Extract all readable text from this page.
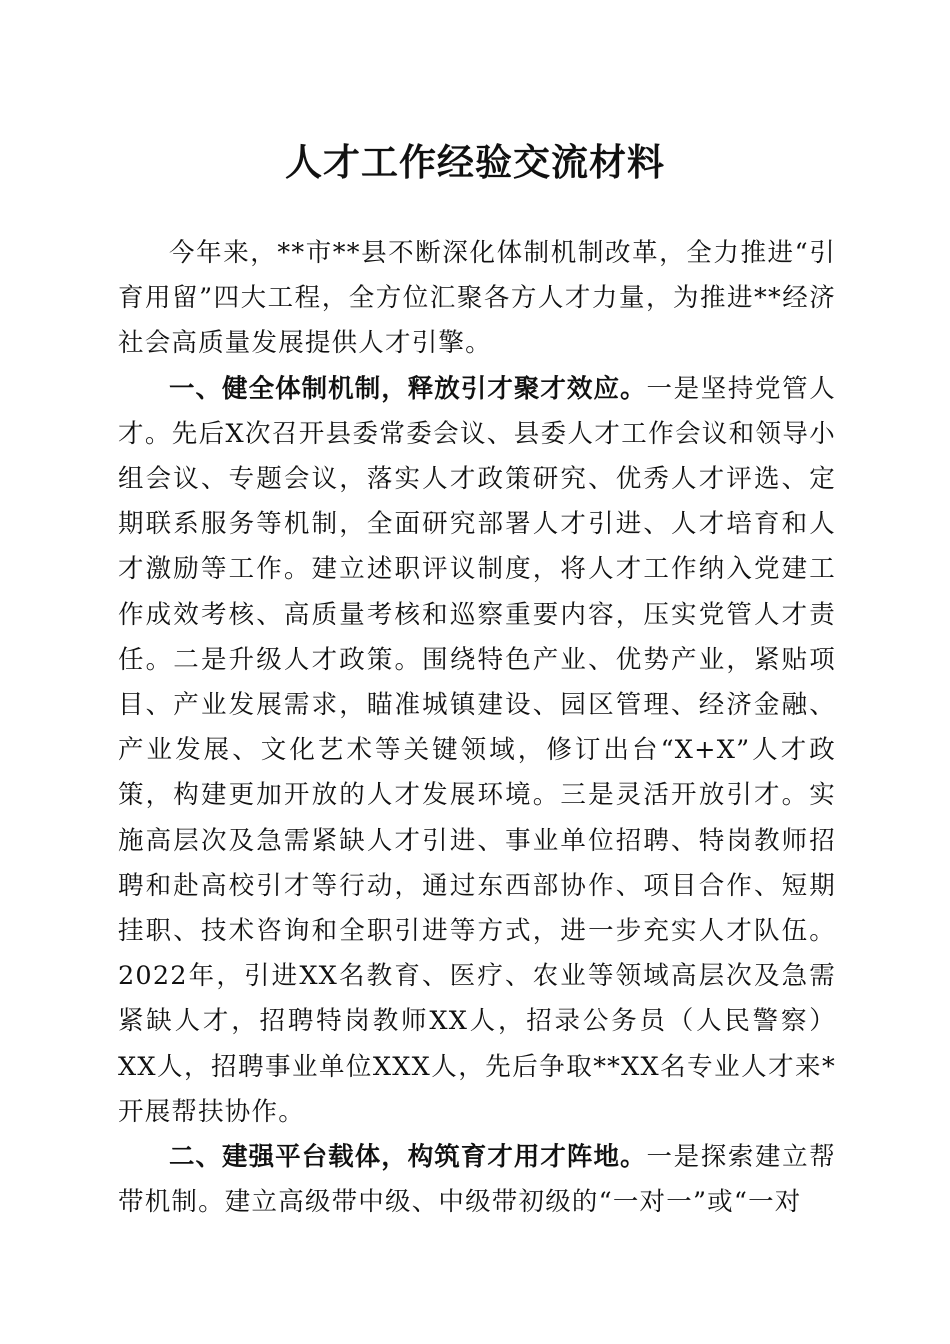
人才工作经验交流材料

今年来，**市**县不断深化体制机制改革，全力推进“引育用留”四大工程，全方位汇聚各方人才力量，为推进**经济社会高质量发展提供人才引擎。

一、健全体制机制，释放引才聚才效应。一是坚持党管人才。先后X次召开县委常委会议、县委人才工作会议和领导小组会议、专题会议，落实人才政策研究、优秀人才评选、定期联系服务等机制，全面研究部署人才引进、人才培育和人才激励等工作。建立述职评议制度，将人才工作纳入党建工作成效考核、高质量考核和巡察重要内容，压实党管人才责任。二是升级人才政策。围绕特色产业、优势产业，紧贴项目、产业发展需求，瞄准城镇建设、园区管理、经济金融、产业发展、文化艺术等关键领域，修订出台“X+X”人才政策，构建更加开放的人才发展环境。三是灵活开放引才。实施高层次及急需紧缺人才引进、事业单位招聘、特岗教师招聘和赴高校引才等行动，通过东西部协作、项目合作、短期挂职、技术咨询和全职引进等方式，进一步充实人才队伍。2022年，引进XX名教育、医疗、农业等领域高层次及急需紧缺人才，招聘特岗教师XX人，招录公务员（人民警察）XX人，招聘事业单位XXX人，先后争取**XX名专业人才来*开展帮扶协作。

二、建强平台载体，构筑育才用才阵地。一是探索建立帮带机制。建立高级带中级、中级带初级的“一对一”或“一对
